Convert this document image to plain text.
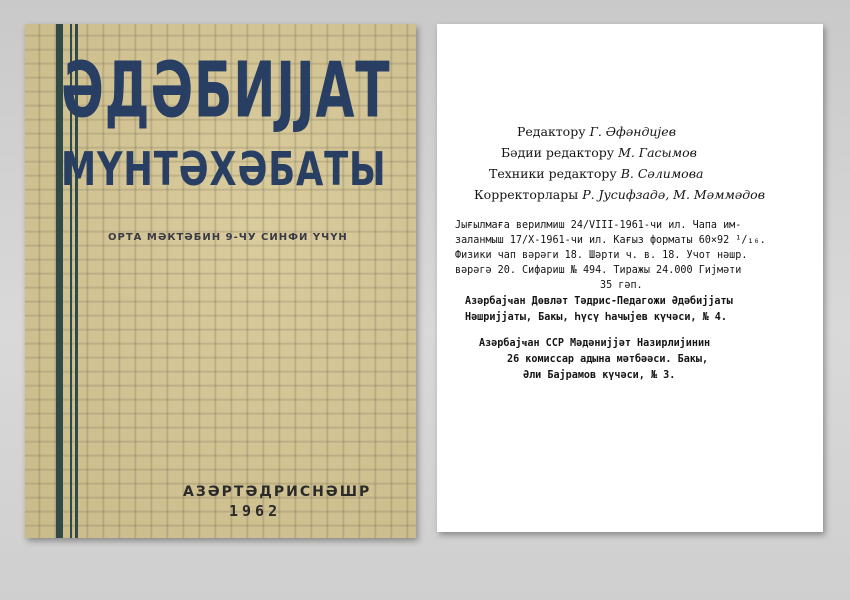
ӘДӘБИЈЈАТ
МҮНТӘХӘБАТЫ
ОРТА МӘКТӘБИН 9-ЧУ СИНФИ ҮЧҮН
АЗӘРТӘДРИСНӘШР
1962
Редактору Г. Әфәндијев
Бәдии редактору М. Гасымов
Техники редактору В. Сәлимова
Корректорлары Р. Јусифзадә, М. Мәммәдов
Јығылмаға верилмиш 24/VIII-1961-чи ил. Чапа им-
заланмыш 17/X-1961-чи ил. Кағыз форматы 60×92 ¹/₁₆.
Физики чап вәрәги 18. Шәрти ч. в. 18. Учот нәшр.
вәрәгә 20. Сифариш № 494. Тиражы 24.000 Гијмәти
35 гәп.
Азәрбајҹан Дөвләт Тәдрис-Педагожи Әдәбијјаты
Нәшријјаты, Бакы, Һүсү Һачыјев күчәси, № 4.
Азәрбајҹан ССР Мәдәнијјәт Назирлијинин
26 комиссар адына мәтбәәси. Бакы,
Әли Бајрамов күчәси, № 3.
